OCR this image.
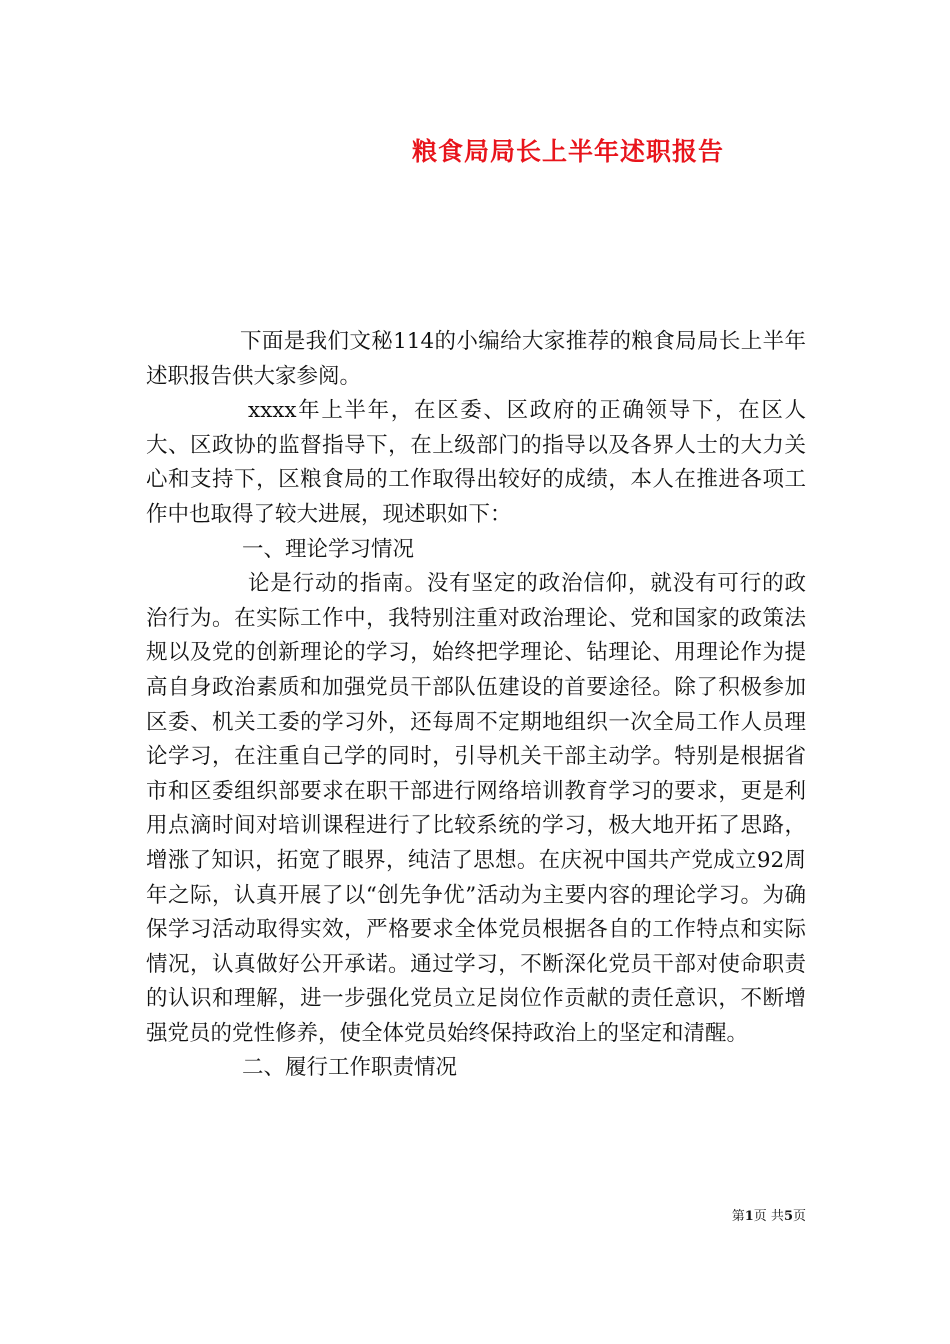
粮食局局长上半年述职报告

下面是我们文秘114的小编给大家推荐的粮食局局长上半年述职报告供大家参阅。

xxxx年上半年，在区委、区政府的正确领导下，在区人大、区政协的监督指导下，在上级部门的指导以及各界人士的大力关心和支持下，区粮食局的工作取得出较好的成绩，本人在推进各项工作中也取得了较大进展，现述职如下：

一、理论学习情况

论是行动的指南。没有坚定的政治信仰，就没有可行的政治行为。在实际工作中，我特别注重对政治理论、党和国家的政策法规以及党的创新理论的学习，始终把学理论、钻理论、用理论作为提高自身政治素质和加强党员干部队伍建设的首要途径。除了积极参加区委、机关工委的学习外，还每周不定期地组织一次全局工作人员理论学习，在注重自己学的同时，引导机关干部主动学。特别是根据省市和区委组织部要求在职干部进行网络培训教育学习的要求，更是利用点滴时间对培训课程进行了比较系统的学习，极大地开拓了思路，增涨了知识，拓宽了眼界，纯洁了思想。在庆祝中国共产党成立92周年之际，认真开展了以“创先争优”活动为主要内容的理论学习。为确保学习活动取得实效，严格要求全体党员根据各自的工作特点和实际情况，认真做好公开承诺。通过学习，不断深化党员干部对使命职责的认识和理解，进一步强化党员立足岗位作贡献的责任意识，不断增强党员的党性修养，使全体党员始终保持政治上的坚定和清醒。

二、履行工作职责情况

第1页 共5页
